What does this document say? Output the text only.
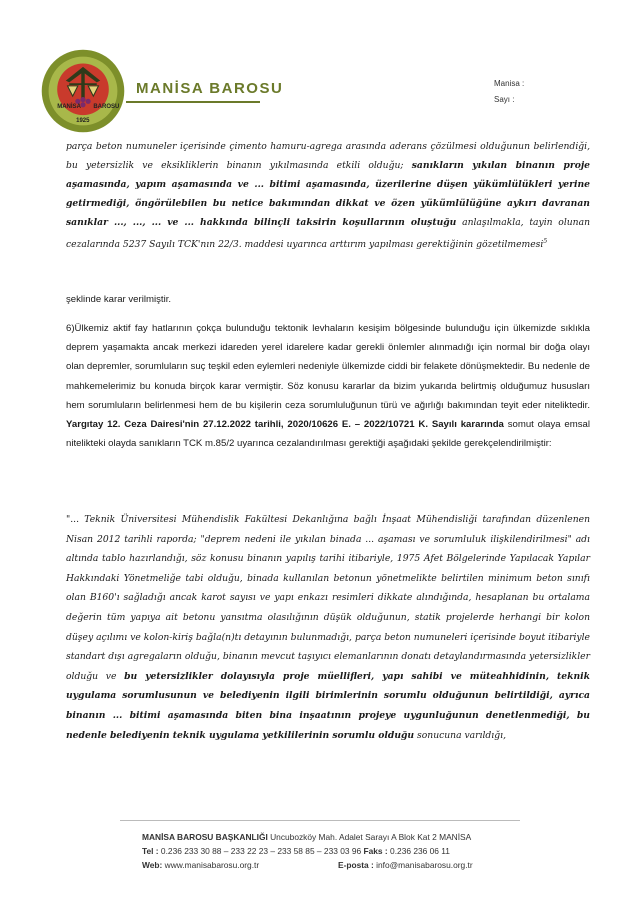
MANİSA BAROSU
1925
MANİSA BAROSU	Manisa :
Sayı :

parça beton numuneler içerisinde çimento hamuru-agrega arasında aderans çözülmesi olduğunun belirlendiği, bu yetersizlik ve eksikliklerin binanın yıkılmasında etkili olduğu; sanıkların yıkılan binanın proje aşamasında, yapım aşamasında ve ... bitimi aşamasında, üzerilerine düşen yükümlülükleri yerine getirmediği, öngörülebilen bu netice bakımından dikkat ve özen yükümlülüğüne aykırı davranan sanıklar ..., ..., ... ve ... hakkında bilinçli taksirin koşullarının oluştuğu anlaşılmakla, tayin olunan cezalarında 5237 Sayılı TCK'nın 22/3. maddesi uyarınca arttırım yapılması gerektiğinin gözetilmemesi$^5$

şeklinde karar verilmiştir.

6)Ülkemiz aktif fay hatlarının çokça bulunduğu tektonik levhaların kesişim bölgesinde bulunduğu için ülkemizde sıklıkla deprem yaşamakta ancak merkezi idareden yerel idarelere kadar gerekli önlemler alınmadığı için normal bir doğa olayı olan depremler, sorumluların suç teşkil eden eylemleri nedeniyle ülkemizde ciddi bir felakete dönüşmektedir. Bu nedenle de mahkemelerimiz bu konuda birçok karar vermiştir. Söz konusu kararlar da bizim yukarıda belirtmiş olduğumuz hususları hem sorumluların belirlenmesi hem de bu kişilerin ceza sorumluluğunun türü ve ağırlığı bakımından teyit eder niteliktedir. Yargıtay 12. Ceza Dairesi'nin 27.12.2022 tarihli, 2020/10626 E. – 2022/10721 K. Sayılı kararında somut olaya emsal nitelikteki olayda sanıkların TCK m.85/2 uyarınca cezalandırılması gerektiği aşağıdaki şekilde gerekçelendirilmiştir:

"... Teknik Üniversitesi Mühendislik Fakültesi Dekanlığına bağlı İnşaat Mühendisliği tarafından düzenlenen Nisan 2012 tarihli raporda; "deprem nedeni ile yıkılan binada ... aşaması ve sorumluluk ilişkilendirilmesi" adı altında tablo hazırlandığı, söz konusu binanın yapılış tarihi itibariyle, 1975 Afet Bölgelerinde Yapılacak Yapılar Hakkındaki Yönetmeliğe tabi olduğu, binada kullanılan betonun yönetmelikte belirtilen minimum beton sınıfı olan B160'ı sağladığı ancak karot sayısı ve yapı enkazı resimleri dikkate alındığında, hesaplanan bu ortalama değerin tüm yapıya ait betonu yansıtma olasılığının düşük olduğunun, statik projelerde herhangi bir kolon düşey açılımı ve kolon-kiriş bağla(n)tı detayının bulunmadığı, parça beton numuneleri içerisinde boyut itibariyle standart dışı agregaların olduğu, binanın mevcut taşıyıcı elemanlarının donatı detaylandırmasında yetersizlikler olduğu ve bu yetersizlikler dolayısıyla proje müellifleri, yapı sahibi ve müteahhidinin, teknik uygulama sorumlusunun ve belediyenin ilgili birimlerinin sorumlu olduğunun belirtildiği, ayrıca binanın ... bitimi aşamasında biten bina inşaatının projeye uygunluğunun denetlenmediği, bu nedenle belediyenin teknik uygulama yetkililerinin sorumlu olduğu sonucuna varıldığı,

MANİSA BAROSU BAŞKANLIĞI Uncubozköy Mah. Adalet Sarayı A Blok Kat 2 MANİSA
Tel : 0.236 233 30 88 – 233 22 23 – 233 58 85 – 233 03 96 Faks : 0.236 236 06 11
Web: www.manisabarosu.org.tr	E-posta : info@manisabarosu.org.tr
